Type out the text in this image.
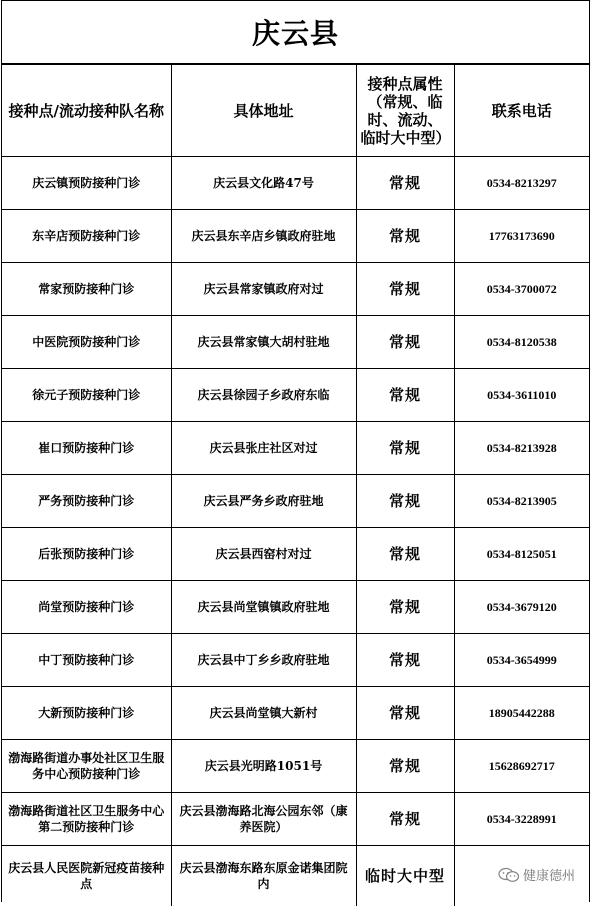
庆云县
接种点/流动接种队名称	具体地址	接种点属性（常规、临时、流动、临时大中型）	联系电话
庆云镇预防接种门诊	庆云县文化路47号	常规	0534-8213297
东辛店预防接种门诊	庆云县东辛店乡镇政府驻地	常规	17763173690
常家预防接种门诊	庆云县常家镇政府对过	常规	0534-3700072
中医院预防接种门诊	庆云县常家镇大胡村驻地	常规	0534-8120538
徐元子预防接种门诊	庆云县徐园子乡政府东临	常规	0534-3611010
崔口预防接种门诊	庆云县张庄社区对过	常规	0534-8213928
严务预防接种门诊	庆云县严务乡政府驻地	常规	0534-8213905
后张预防接种门诊	庆云县西窑村对过	常规	0534-8125051
尚堂预防接种门诊	庆云县尚堂镇镇政府驻地	常规	0534-3679120
中丁预防接种门诊	庆云县中丁乡乡政府驻地	常规	0534-3654999
大新预防接种门诊	庆云县尚堂镇大新村	常规	18905442288
渤海路街道办事处社区卫生服务中心预防接种门诊	庆云县光明路1051号	常规	15628692717
渤海路街道社区卫生服务中心第二预防接种门诊	庆云县渤海路北海公园东邻（康养医院）	常规	0534-3228991
庆云县人民医院新冠疫苗接种点	庆云县渤海东路东原金诺集团院内	临时大中型		健康德州
